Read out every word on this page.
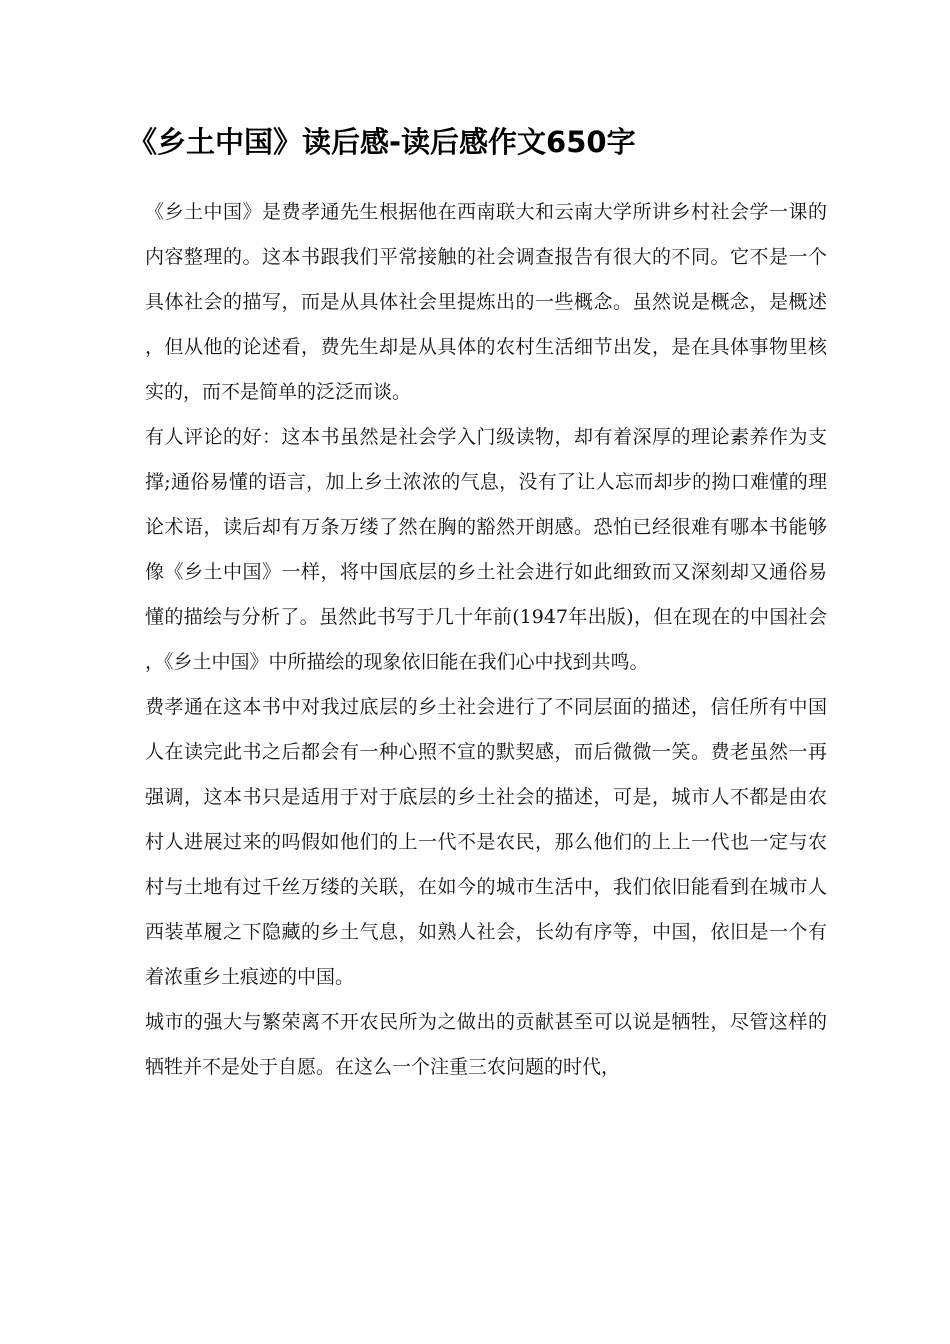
《乡土中国》读后感-读后感作文650字

《乡土中国》是费孝通先生根据他在西南联大和云南大学所讲乡村社会学一课的内容整理的。这本书跟我们平常接触的社会调查报告有很大的不同。它不是一个具体社会的描写，而是从具体社会里提炼出的一些概念。虽然说是概念，是概述，但从他的论述看，费先生却是从具体的农村生活细节出发，是在具体事物里核实的，而不是简单的泛泛而谈。

有人评论的好：这本书虽然是社会学入门级读物，却有着深厚的理论素养作为支撑;通俗易懂的语言，加上乡土浓浓的气息，没有了让人忘而却步的拗口难懂的理论术语，读后却有万条万缕了然在胸的豁然开朗感。恐怕已经很难有哪本书能够像《乡土中国》一样，将中国底层的乡土社会进行如此细致而又深刻却又通俗易懂的描绘与分析了。虽然此书写于几十年前(1947年出版)，但在现在的中国社会，《乡土中国》中所描绘的现象依旧能在我们心中找到共鸣。

费孝通在这本书中对我过底层的乡土社会进行了不同层面的描述，信任所有中国人在读完此书之后都会有一种心照不宣的默契感，而后微微一笑。费老虽然一再强调，这本书只是适用于对于底层的乡土社会的描述，可是，城市人不都是由农村人进展过来的吗假如他们的上一代不是农民，那么他们的上上一代也一定与农村与土地有过千丝万缕的关联，在如今的城市生活中，我们依旧能看到在城市人西装革履之下隐藏的乡土气息，如熟人社会，长幼有序等，中国，依旧是一个有着浓重乡土痕迹的中国。

城市的强大与繁荣离不开农民所为之做出的贡献甚至可以说是牺牲，尽管这样的牺牲并不是处于自愿。在这么一个注重三农问题的时代，
